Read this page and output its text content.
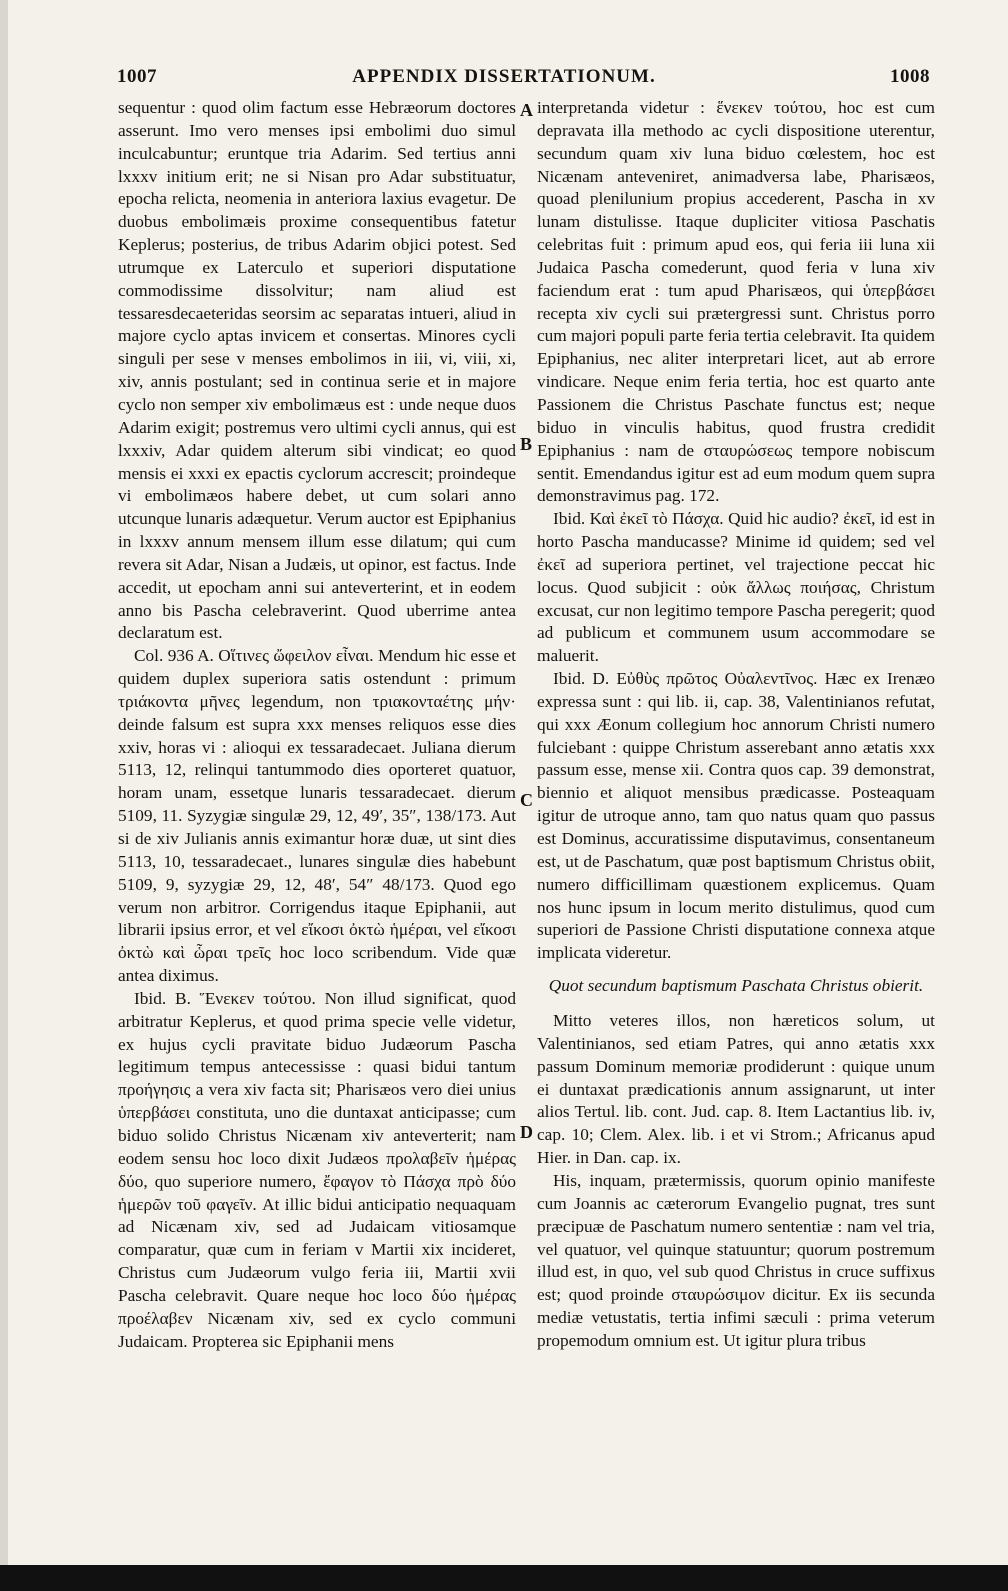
1007	APPENDIX DISSERTATIONUM.	1008

sequentur : quod olim factum esse Hebræorum doctores asserunt. Imo vero menses ipsi embolimi duo simul inculcabuntur; eruntque tria Adarim. Sed tertius anni lxxxv initium erit; ne si Nisan pro Adar substituatur, epocha relicta, neomenia in anteriora laxius evagetur. De duobus embolimæis proxime consequentibus fatetur Keplerus; posterius, de tribus Adarim objici potest. Sed utrumque ex Laterculo et superiori disputatione commodissime dissolvitur; nam aliud est tessaresdecaeteridas seorsim ac separatas intueri, aliud in majore cyclo aptas invicem et consertas. Minores cycli singuli per sese v menses embolimos in iii, vi, viii, xi, xiv, annis postulant; sed in continua serie et in majore cyclo non semper xiv embolimæus est : unde neque duos Adarim exigit; postremus vero ultimi cycli annus, qui est lxxxiv, Adar quidem alterum sibi vindicat; eo quod mensis ei xxxi ex epactis cyclorum accrescit; proindeque vi embolimæos habere debet, ut cum solari anno utcunque lunaris adæquetur. Verum auctor est Epiphanius in lxxxv annum mensem illum esse dilatum; qui cum revera sit Adar, Nisan a Judæis, ut opinor, est factus. Inde accedit, ut epocham anni sui anteverterint, et in eodem anno bis Pascha celebraverint. Quod uberrime antea declaratum est.

Col. 936 A. Οἵτινες ὤφειλον εἶναι. Mendum hic esse et quidem duplex superiora satis ostendunt : primum τριάκοντα μῆνες legendum, non τριακονταέτης μήν· deinde falsum est supra xxx menses reliquos esse dies xxiv, horas vi : alioqui ex tessaradecaet. Juliana dierum 5113, 12, relinqui tantummodo dies oporteret quatuor, horam unam, essetque lunaris tessaradecaet. dierum 5109, 11. Syzygiæ singulæ 29, 12, 49′, 35″, 138/173. Aut si de xiv Julianis annis eximantur horæ duæ, ut sint dies 5113, 10, tessaradecaet., lunares singulæ dies habebunt 5109, 9, syzygiæ 29, 12, 48′, 54″ 48/173. Quod ego verum non arbitror. Corrigendus itaque Epiphanii, aut librarii ipsius error, et vel εἴκοσι ὀκτὼ ἡμέραι, vel εἴκοσι ὀκτὼ καὶ ὧραι τρεῖς hoc loco scribendum. Vide quæ antea diximus.

Ibid. B. Ἕνεκεν τούτου. Non illud significat, quod arbitratur Keplerus, et quod prima specie velle videtur, ex hujus cycli pravitate biduo Judæorum Pascha legitimum tempus antecessisse : quasi bidui tantum προήγησις a vera xiv facta sit; Pharisæos vero diei unius ὑπερβάσει constituta, uno die duntaxat anticipasse; cum biduo solido Christus Nicænam xiv anteverterit; nam eodem sensu hoc loco dixit Judæos προλαβεῖν ἡμέρας δύο, quo superiore numero, ἔφαγον τὸ Πάσχα πρὸ δύο ἡμερῶν τοῦ φαγεῖν. At illic bidui anticipatio nequaquam ad Nicænam xiv, sed ad Judaicam vitiosamque comparatur, quæ cum in feriam v Martii xix incideret, Christus cum Judæorum vulgo feria iii, Martii xvii Pascha celebravit. Quare neque hoc loco δύο ἡμέρας προέλαβεν Nicænam xiv, sed ex cyclo communi Judaicam. Propterea sic Epiphanii mens

A
B
C
D

interpretanda videtur : ἕνεκεν τούτου, hoc est cum depravata illa methodo ac cycli dispositione uterentur, secundum quam xiv luna biduo cœlestem, hoc est Nicænam anteveniret, animadversa labe, Pharisæos, quoad plenilunium propius accederent, Pascha in xv lunam distulisse. Itaque dupliciter vitiosa Paschatis celebritas fuit : primum apud eos, qui feria iii luna xii Judaica Pascha comederunt, quod feria v luna xiv faciendum erat : tum apud Pharisæos, qui ὑπερβάσει recepta xiv cycli sui prætergressi sunt. Christus porro cum majori populi parte feria tertia celebravit. Ita quidem Epiphanius, nec aliter interpretari licet, aut ab errore vindicare. Neque enim feria tertia, hoc est quarto ante Passionem die Christus Paschate functus est; neque biduo in vinculis habitus, quod frustra credidit Epiphanius : nam de σταυρώσεως tempore nobiscum sentit. Emendandus igitur est ad eum modum quem supra demonstravimus pag. 172.

Ibid. Καὶ ἐκεῖ τὸ Πάσχα. Quid hic audio? ἐκεῖ, id est in horto Pascha manducasse? Minime id quidem; sed vel ἐκεῖ ad superiora pertinet, vel trajectione peccat hic locus. Quod subjicit : οὐκ ἄλλως ποιήσας, Christum excusat, cur non legitimo tempore Pascha peregerit; quod ad publicum et communem usum accommodare se maluerit.

Ibid. D. Εὐθὺς πρῶτος Οὐαλεντῖνος. Hæc ex Irenæo expressa sunt : qui lib. ii, cap. 38, Valentinianos refutat, qui xxx Æonum collegium hoc annorum Christi numero fulciebant : quippe Christum asserebant anno ætatis xxx passum esse, mense xii. Contra quos cap. 39 demonstrat, biennio et aliquot mensibus prædicasse. Posteaquam igitur de utroque anno, tam quo natus quam quo passus est Dominus, accuratissime disputavimus, consentaneum est, ut de Paschatum, quæ post baptismum Christus obiit, numero difficillimam quæstionem explicemus. Quam nos hunc ipsum in locum merito distulimus, quod cum superiori de Passione Christi disputatione connexa atque implicata videretur.

Quot secundum baptismum Paschata Christus obierit.

Mitto veteres illos, non hæreticos solum, ut Valentinianos, sed etiam Patres, qui anno ætatis xxx passum Dominum memoriæ prodiderunt : quique unum ei duntaxat prædicationis annum assignarunt, ut inter alios Tertul. lib. cont. Jud. cap. 8. Item Lactantius lib. iv, cap. 10; Clem. Alex. lib. i et vi Strom.; Africanus apud Hier. in Dan. cap. ix.

His, inquam, prætermissis, quorum opinio manifeste cum Joannis ac cæterorum Evangelio pugnat, tres sunt præcipuæ de Paschatum numero sententiæ : nam vel tria, vel quatuor, vel quinque statuuntur; quorum postremum illud est, in quo, vel sub quod Christus in cruce suffixus est; quod proinde σταυρώσιμον dicitur. Ex iis secunda mediæ vetustatis, tertia infimi sæculi : prima veterum propemodum omnium est. Ut igitur plura tribus
